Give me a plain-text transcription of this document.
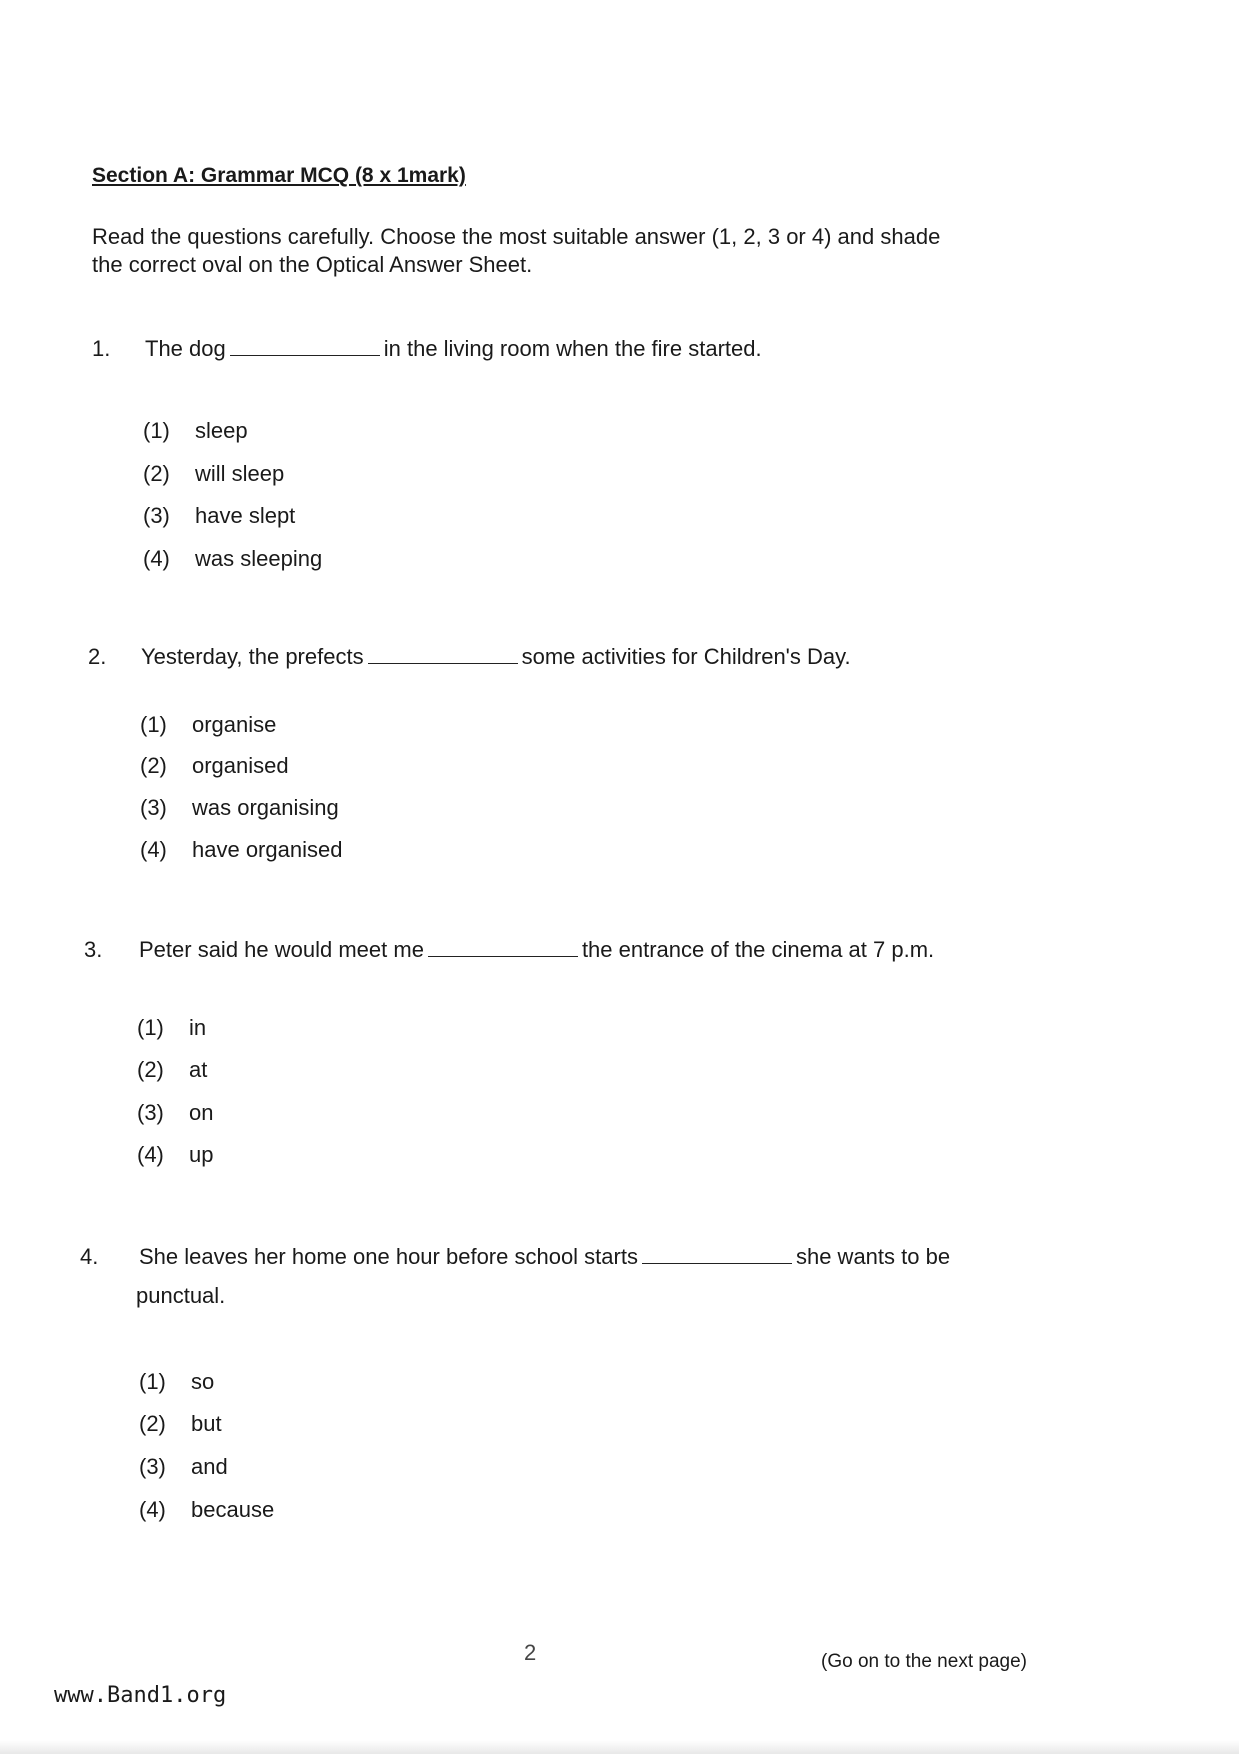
Section A: Grammar MCQ (8 x 1mark)
Read the questions carefully. Choose the most suitable answer (1, 2, 3 or 4) and shade
the correct oval on the Optical Answer Sheet.
1. The dog	in the living room when the fire started.
(1) sleep
(2) will sleep
(3) have slept
(4) was sleeping
2. Yesterday, the prefects	some activities for Children's Day.
(1) organise
(2) organised
(3) was organising
(4) have organised
3. Peter said he would meet me	the entrance of the cinema at 7 p.m.
(1) in
(2) at
(3) on
(4) up
4. She leaves her home one hour before school starts	she wants to be
punctual.
(1) so
(2) but
(3) and
(4) because
2	(Go on to the next page)
www.Band1.org
